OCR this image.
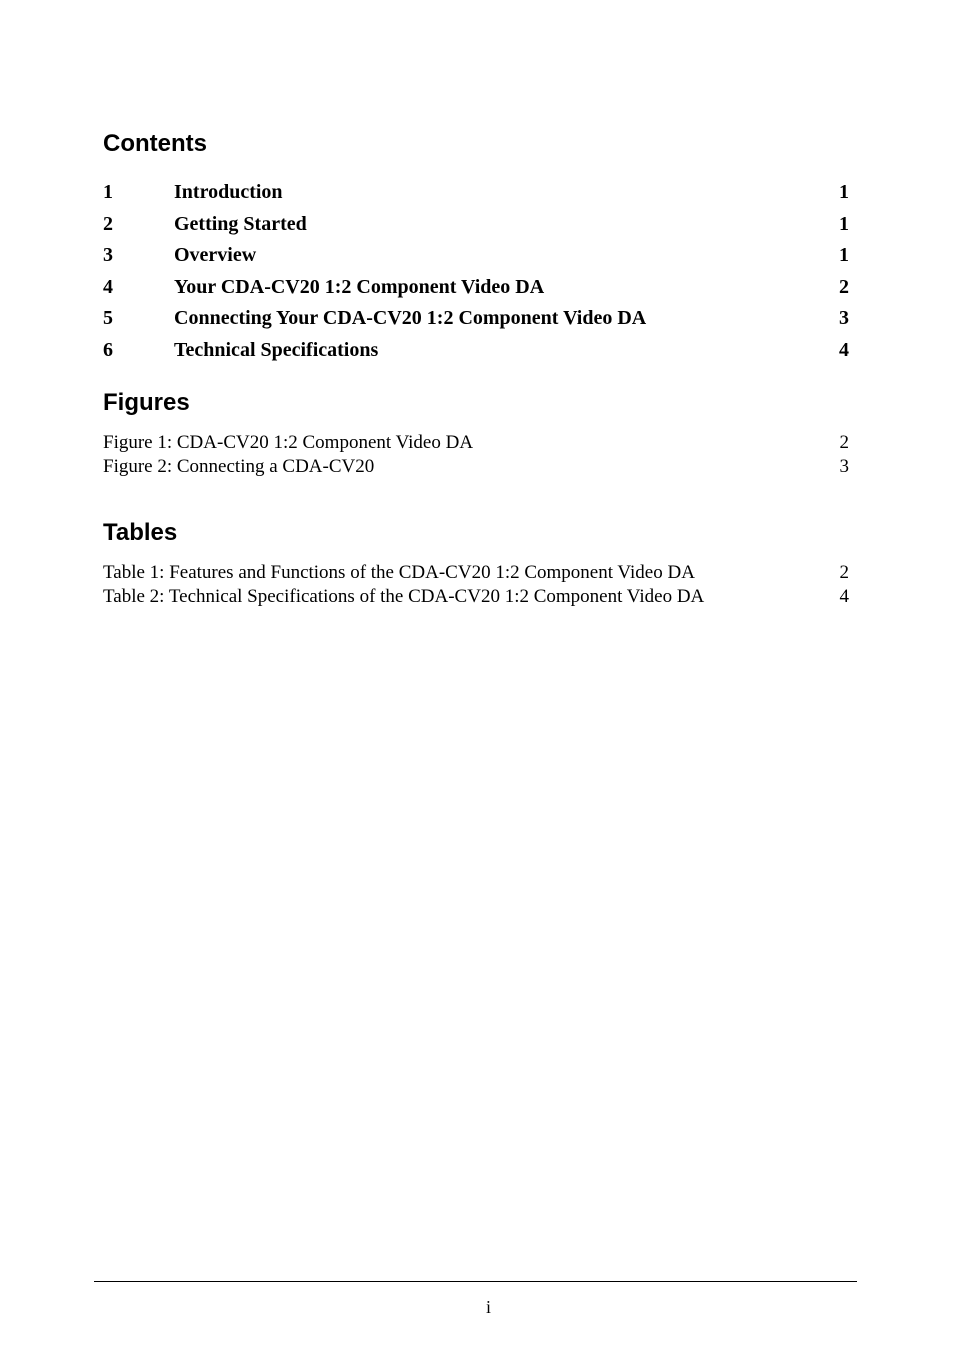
Contents
1	Introduction	1
2	Getting Started	1
3	Overview	1
4	Your CDA-CV20 1:2 Component Video DA	2
5	Connecting Your CDA-CV20 1:2 Component Video DA	3
6	Technical Specifications	4
Figures
Figure 1: CDA-CV20 1:2 Component Video DA	2
Figure 2: Connecting a CDA-CV20	3
Tables
Table 1: Features and Functions of the CDA-CV20 1:2 Component Video DA	2
Table 2: Technical Specifications of the CDA-CV20 1:2 Component Video DA	4
i
